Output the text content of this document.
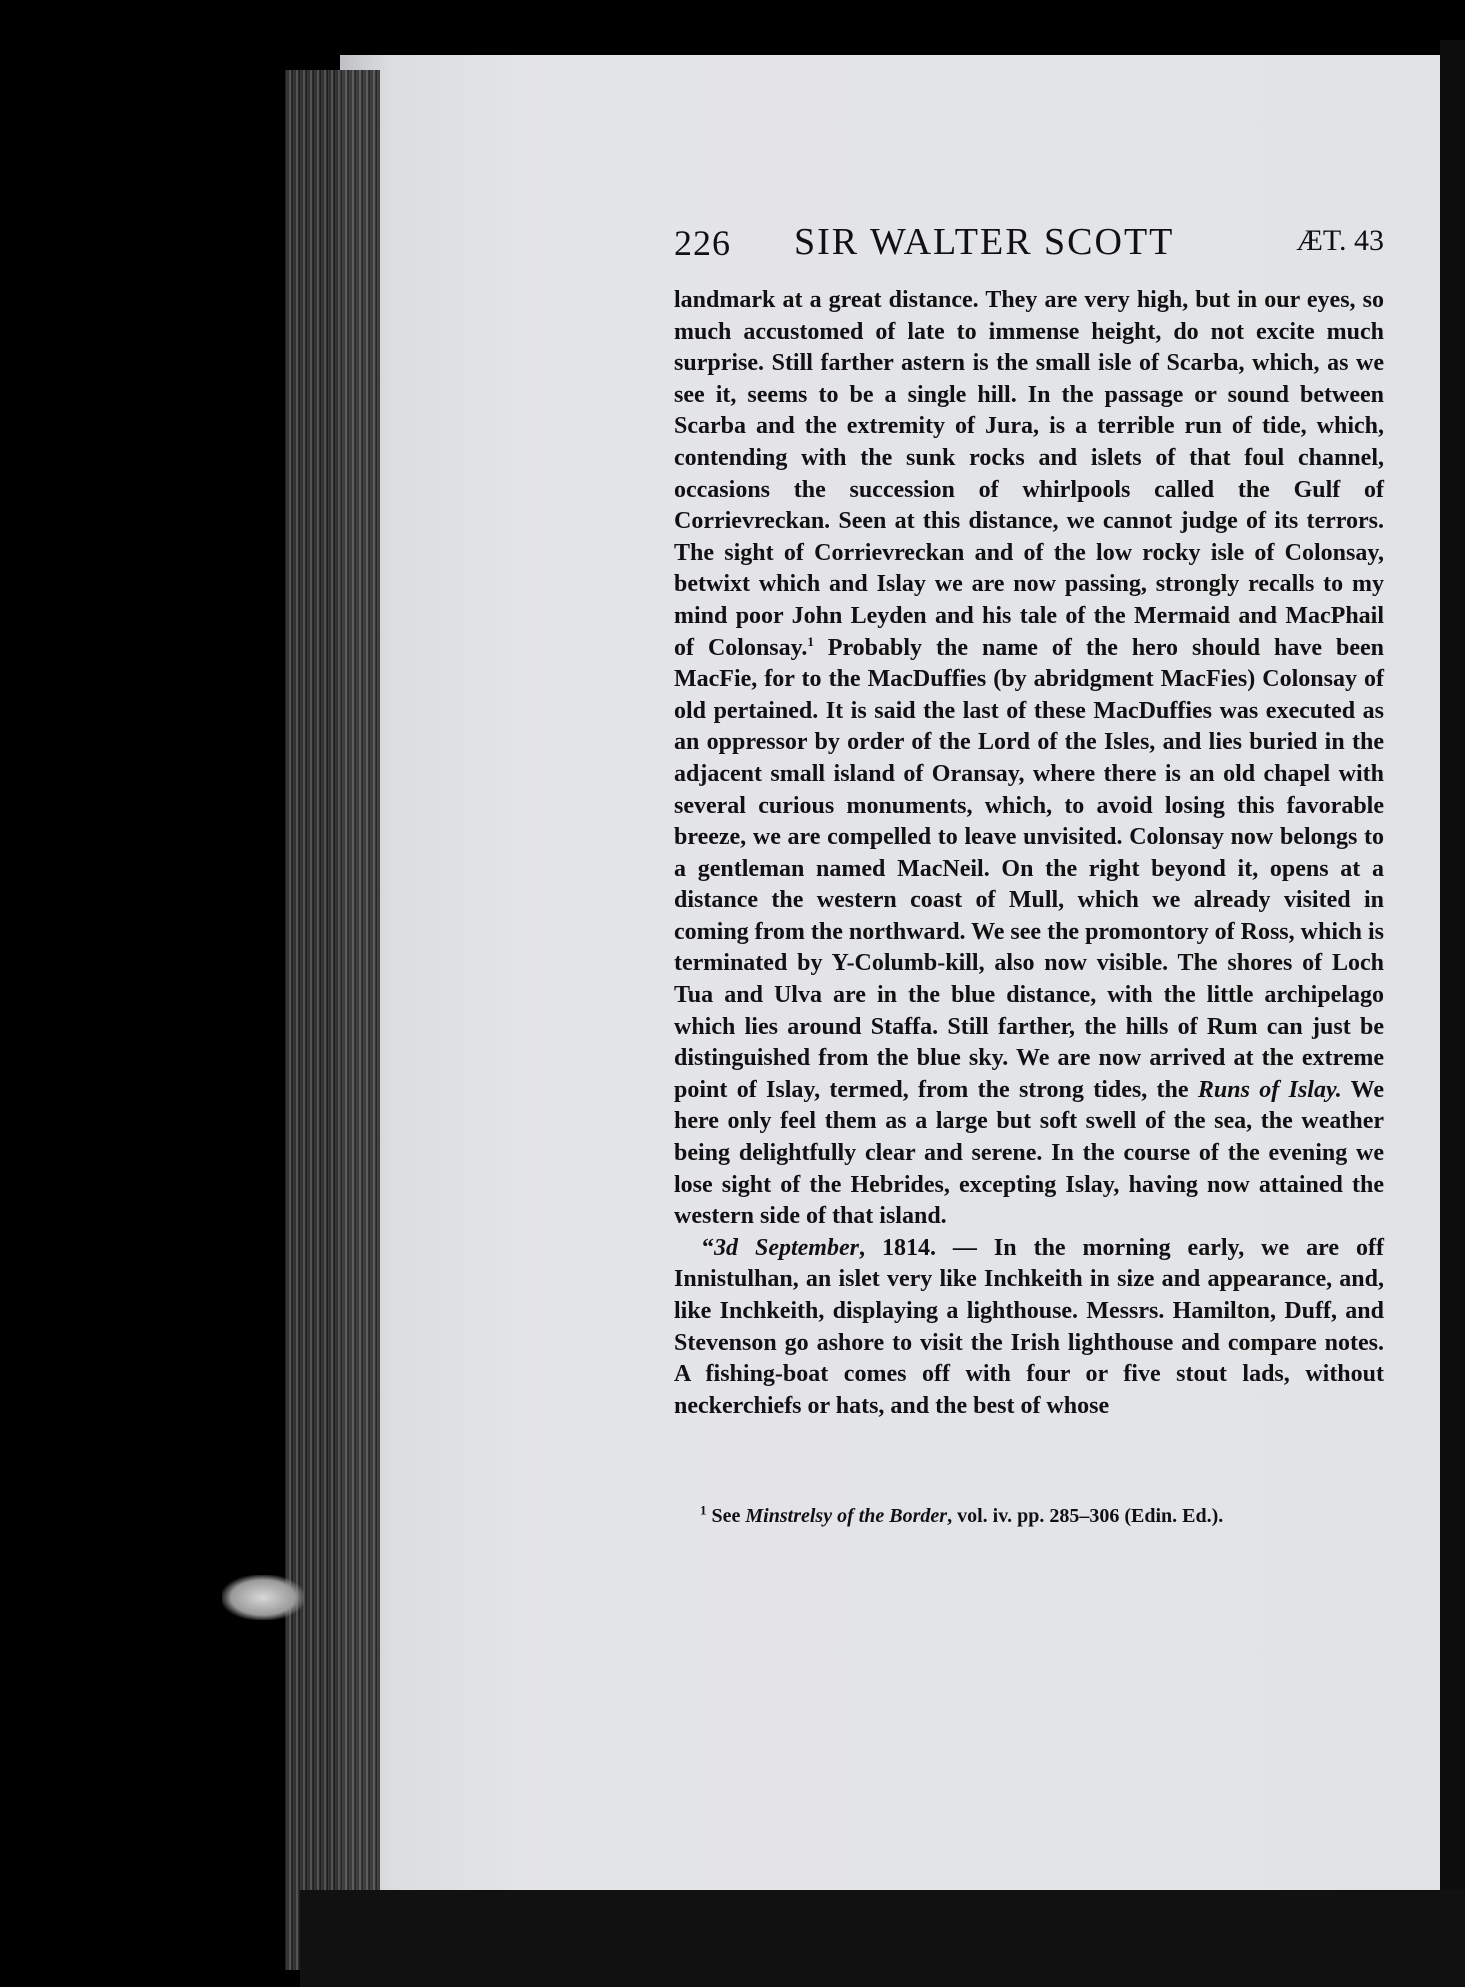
226 SIR WALTER SCOTT	ÆT. 43

landmark at a great distance. They are very high, but in our eyes, so much accustomed of late to immense height, do not excite much surprise. Still farther astern is the small isle of Scarba, which, as we see it, seems to be a single hill. In the passage or sound between Scarba and the extremity of Jura, is a terrible run of tide, which, contending with the sunk rocks and islets of that foul channel, occasions the succession of whirlpools called the Gulf of Corrievreckan. Seen at this distance, we cannot judge of its terrors. The sight of Corrievreckan and of the low rocky isle of Colonsay, betwixt which and Islay we are now passing, strongly recalls to my mind poor John Leyden and his tale of the Mermaid and MacPhail of Colonsay.$^1$ Probably the name of the hero should have been MacFie, for to the MacDuffies (by abridgment MacFies) Colonsay of old pertained. It is said the last of these MacDuffies was executed as an oppressor by order of the Lord of the Isles, and lies buried in the adjacent small island of Oransay, where there is an old chapel with several curious monuments, which, to avoid losing this favorable breeze, we are compelled to leave unvisited. Colonsay now belongs to a gentleman named MacNeil. On the right beyond it, opens at a distance the western coast of Mull, which we already visited in coming from the northward. We see the promontory of Ross, which is terminated by Y-Columb-kill, also now visible. The shores of Loch Tua and Ulva are in the blue distance, with the little archipelago which lies around Staffa. Still farther, the hills of Rum can just be distinguished from the blue sky. We are now arrived at the extreme point of Islay, termed, from the strong tides, the Runs of Islay. We here only feel them as a large but soft swell of the sea, the weather being delightfully clear and serene. In the course of the evening we lose sight of the Hebrides, excepting Islay, having now attained the western side of that island.

“3d September, 1814. — In the morning early, we are off Innistulhan, an islet very like Inchkeith in size and appearance, and, like Inchkeith, displaying a lighthouse. Messrs. Hamilton, Duff, and Stevenson go ashore to visit the Irish lighthouse and compare notes. A fishing-boat comes off with four or five stout lads, without neckerchiefs or hats, and the best of whose

$^1$ See Minstrelsy of the Border, vol. iv. pp. 285–306 (Edin. Ed.).
